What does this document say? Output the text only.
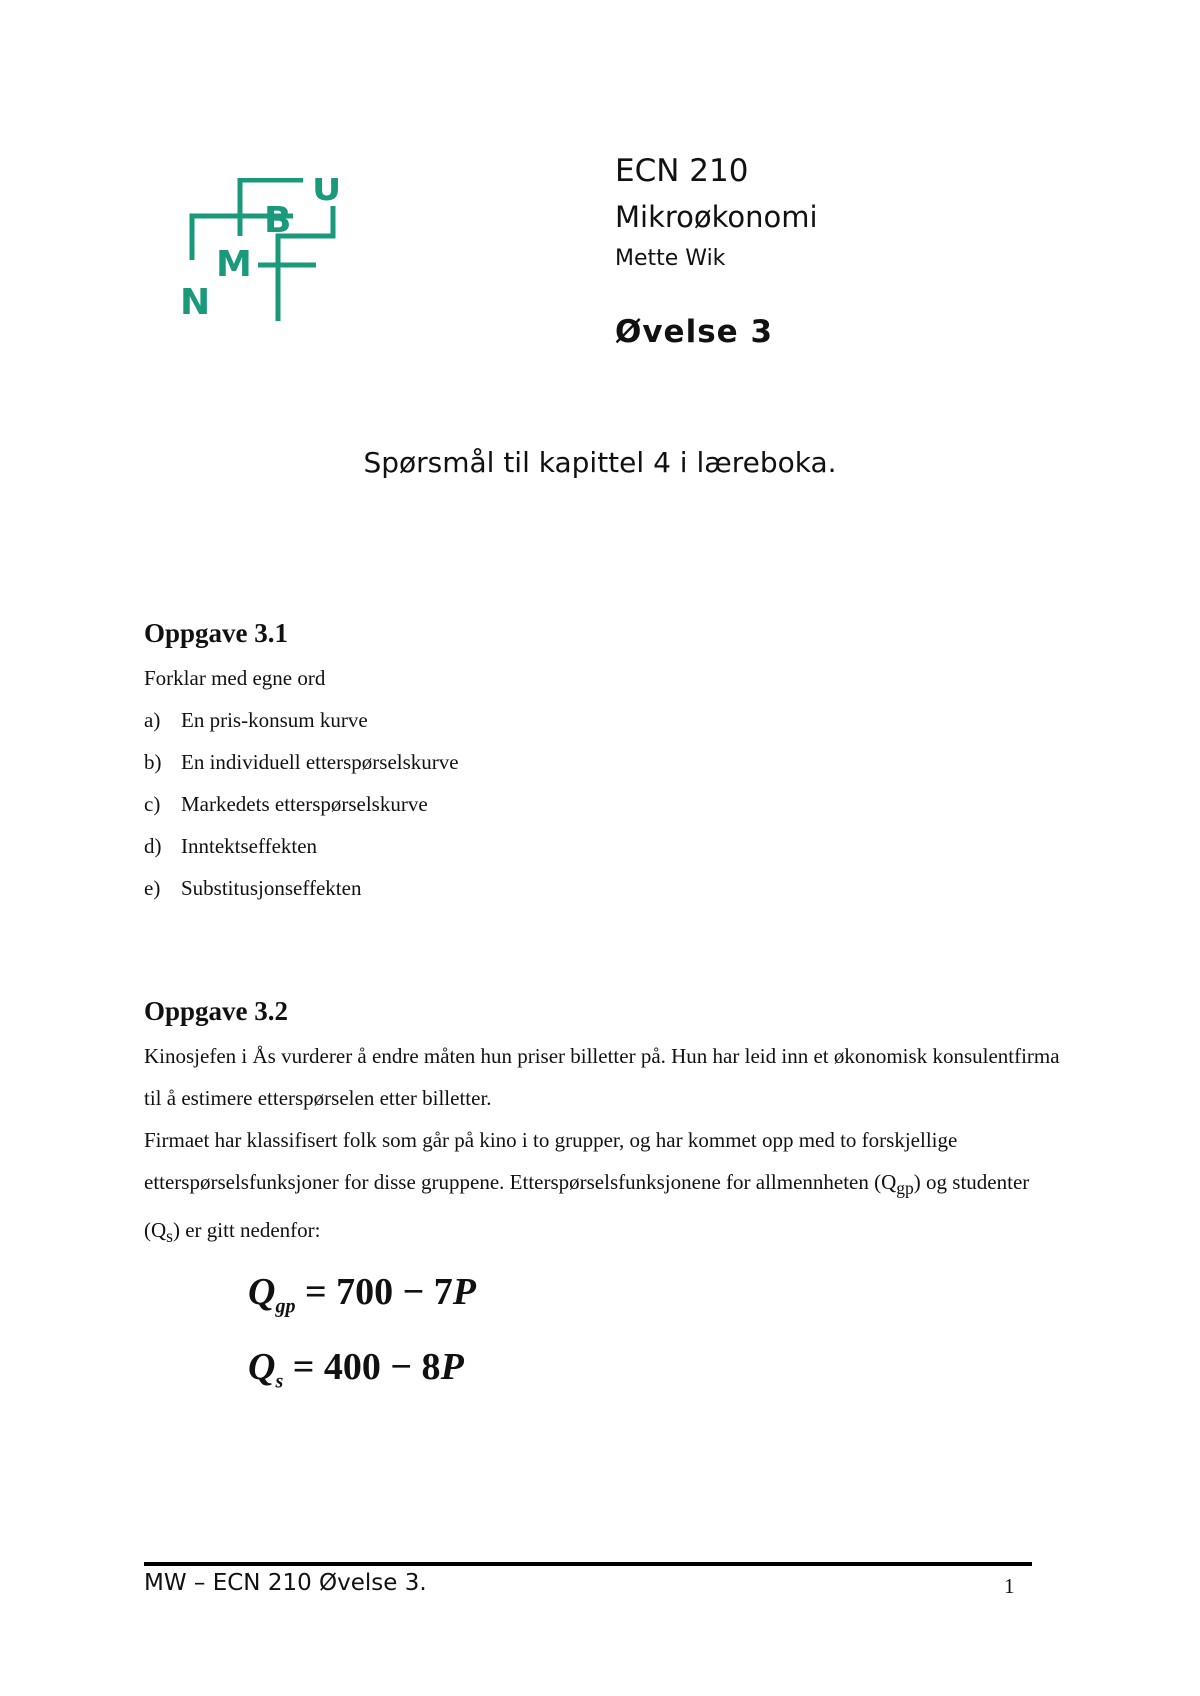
N
M
B
U	ECN 210
Mikroøkonomi
Mette Wik
Øvelse 3
Spørsmål til kapittel 4 i læreboka.
Oppgave 3.1

Forklar med egne ord

a) En pris-konsum kurve
b) En individuell etterspørselskurve
c) Markedets etterspørselskurve
d) Inntektseffekten
e) Substitusjonseffekten
Oppgave 3.2

Kinosjefen i Ås vurderer å endre måten hun priser billetter på. Hun har leid inn et økonomisk konsulentfirma til å estimere etterspørselen etter billetter.

Firmaet har klassifisert folk som går på kino i to grupper, og har kommet opp med to forskjellige etterspørselsfunksjoner for disse gruppene. Etterspørselsfunksjonene for allmennheten $(Q_{gp})$ og studenter $(Q_s)$ er gitt nedenfor:

$Q_{gp} = 700 - 7P$
$Q_s = 400 - 8P$
MW – ECN 210 Øvelse 3.	1
